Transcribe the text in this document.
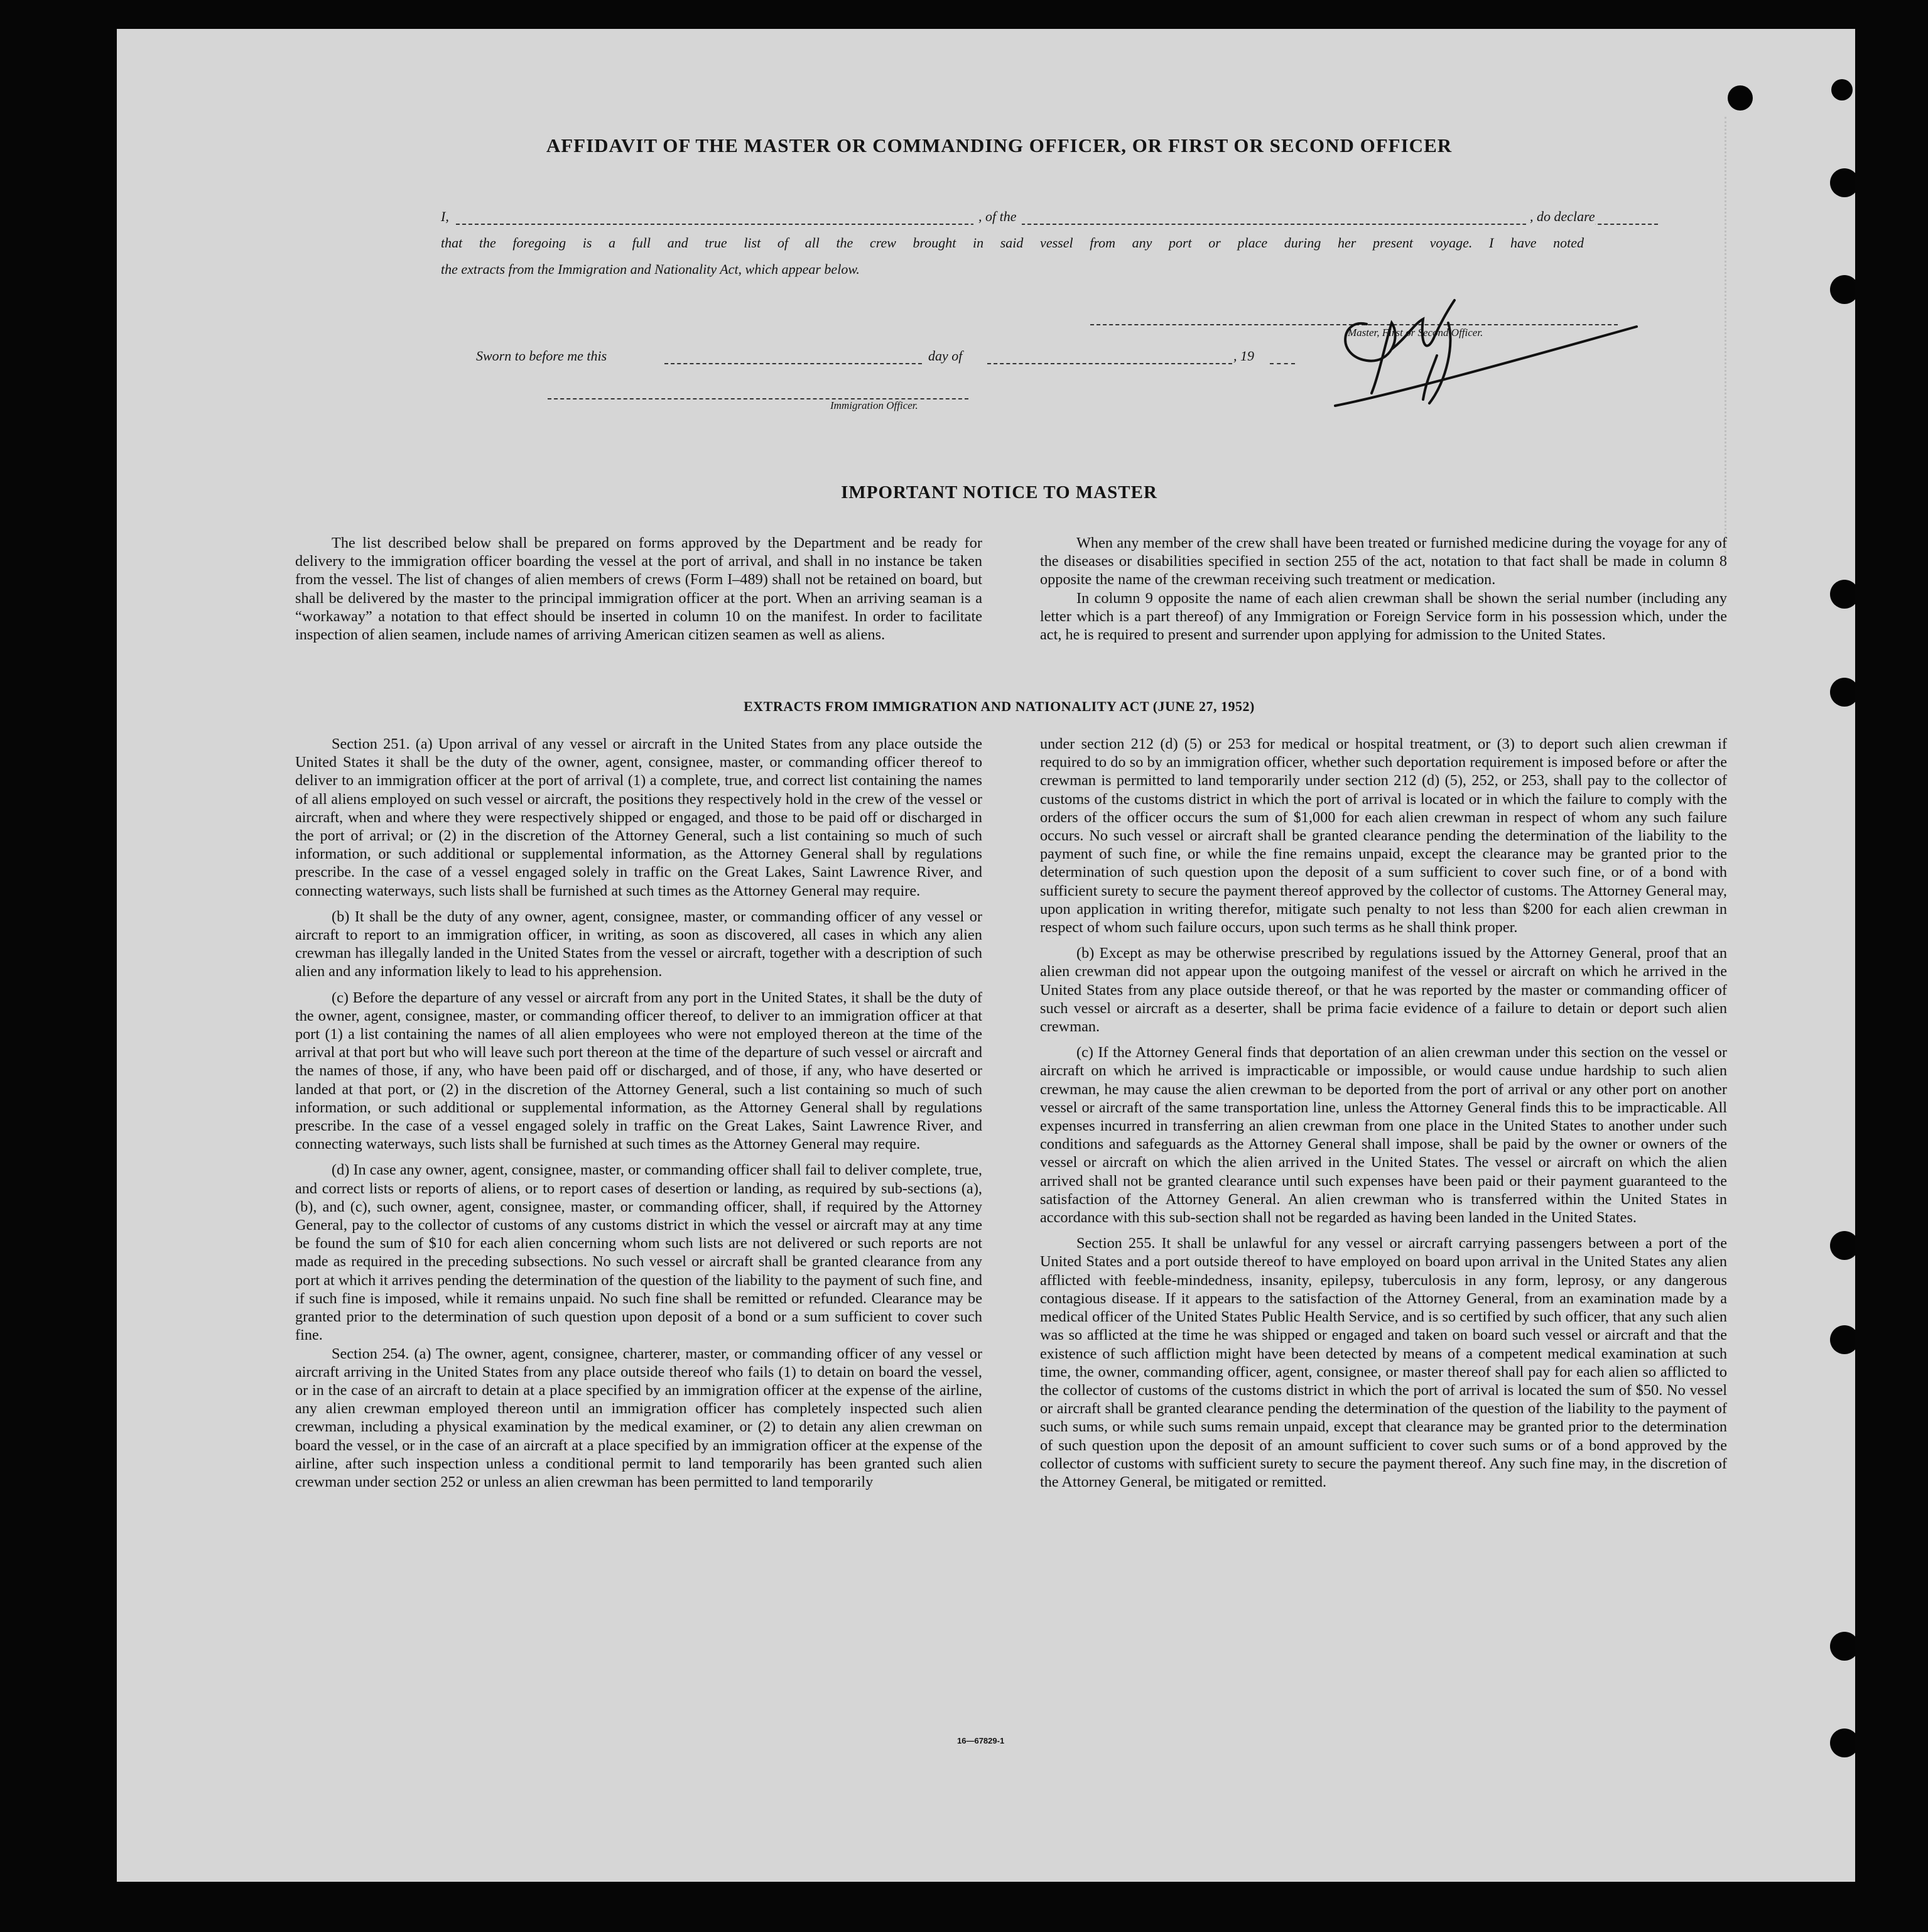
AFFIDAVIT OF THE MASTER OR COMMANDING OFFICER, OR FIRST OR SECOND OFFICER
I,	, of the	, do declare
that the foregoing is a full and true list of all the crew brought in said vessel from any port or place during her present voyage. I have noted
the extracts from the Immigration and Nationality Act, which appear below.
Master, First or Second Officer.
Sworn to before me this	day of	, 19
Immigration Officer.
IMPORTANT NOTICE TO MASTER

The list described below shall be prepared on forms approved by the Department and be ready for delivery to the immigration officer boarding the vessel at the port of arrival, and shall in no instance be taken from the vessel. The list of changes of alien members of crews (Form I–489) shall not be retained on board, but shall be delivered by the master to the principal immigration officer at the port. When an arriving seaman is a “workaway” a notation to that effect should be inserted in column 10 on the manifest. In order to facilitate inspection of alien seamen, include names of arriving American citizen seamen as well as aliens.

When any member of the crew shall have been treated or furnished medicine during the voyage for any of the diseases or disabilities specified in section 255 of the act, notation to that fact shall be made in column 8 opposite the name of the crewman receiving such treatment or medication.

In column 9 opposite the name of each alien crewman shall be shown the serial number (including any letter which is a part thereof) of any Immigration or Foreign Service form in his possession which, under the act, he is required to present and surrender upon applying for admission to the United States.

EXTRACTS FROM IMMIGRATION AND NATIONALITY ACT (JUNE 27, 1952)

Section 251. (a) Upon arrival of any vessel or aircraft in the United States from any place outside the United States it shall be the duty of the owner, agent, consignee, master, or commanding officer thereof to deliver to an immigration officer at the port of arrival (1) a complete, true, and correct list containing the names of all aliens employed on such vessel or aircraft, the positions they respectively hold in the crew of the vessel or aircraft, when and where they were respectively shipped or engaged, and those to be paid off or discharged in the port of arrival; or (2) in the discretion of the Attorney General, such a list containing so much of such information, or such additional or supplemental information, as the Attorney General shall by regulations prescribe. In the case of a vessel engaged solely in traffic on the Great Lakes, Saint Lawrence River, and connecting waterways, such lists shall be furnished at such times as the Attorney General may require.

(b) It shall be the duty of any owner, agent, consignee, master, or commanding officer of any vessel or aircraft to report to an immigration officer, in writing, as soon as discovered, all cases in which any alien crewman has illegally landed in the United States from the vessel or aircraft, together with a description of such alien and any information likely to lead to his apprehension.

(c) Before the departure of any vessel or aircraft from any port in the United States, it shall be the duty of the owner, agent, consignee, master, or commanding officer thereof, to deliver to an immigration officer at that port (1) a list containing the names of all alien employees who were not employed thereon at the time of the arrival at that port but who will leave such port thereon at the time of the departure of such vessel or aircraft and the names of those, if any, who have been paid off or discharged, and of those, if any, who have deserted or landed at that port, or (2) in the discretion of the Attorney General, such a list containing so much of such information, or such additional or supplemental information, as the Attorney General shall by regulations prescribe. In the case of a vessel engaged solely in traffic on the Great Lakes, Saint Lawrence River, and connecting waterways, such lists shall be furnished at such times as the Attorney General may require.

(d) In case any owner, agent, consignee, master, or commanding officer shall fail to deliver complete, true, and correct lists or reports of aliens, or to report cases of desertion or landing, as required by sub-sections (a), (b), and (c), such owner, agent, consignee, master, or commanding officer, shall, if required by the Attorney General, pay to the collector of customs of any customs district in which the vessel or aircraft may at any time be found the sum of $10 for each alien concerning whom such lists are not delivered or such reports are not made as required in the preceding subsections. No such vessel or aircraft shall be granted clearance from any port at which it arrives pending the determination of the question of the liability to the payment of such fine, and if such fine is imposed, while it remains unpaid. No such fine shall be remitted or refunded. Clearance may be granted prior to the determination of such question upon deposit of a bond or a sum sufficient to cover such fine.

Section 254. (a) The owner, agent, consignee, charterer, master, or commanding officer of any vessel or aircraft arriving in the United States from any place outside thereof who fails (1) to detain on board the vessel, or in the case of an aircraft to detain at a place specified by an immigration officer at the expense of the airline, any alien crewman employed thereon until an immigration officer has completely inspected such alien crewman, including a physical examination by the medical examiner, or (2) to detain any alien crewman on board the vessel, or in the case of an aircraft at a place specified by an immigration officer at the expense of the airline, after such inspection unless a conditional permit to land temporarily has been granted such alien crewman under section 252 or unless an alien crewman has been permitted to land temporarily

under section 212 (d) (5) or 253 for medical or hospital treatment, or (3) to deport such alien crewman if required to do so by an immigration officer, whether such deportation requirement is imposed before or after the crewman is permitted to land temporarily under section 212 (d) (5), 252, or 253, shall pay to the collector of customs of the customs district in which the port of arrival is located or in which the failure to comply with the orders of the officer occurs the sum of $1,000 for each alien crewman in respect of whom any such failure occurs. No such vessel or aircraft shall be granted clearance pending the determination of the liability to the payment of such fine, or while the fine remains unpaid, except the clearance may be granted prior to the determination of such question upon the deposit of a sum sufficient to cover such fine, or of a bond with sufficient surety to secure the payment thereof approved by the collector of customs. The Attorney General may, upon application in writing therefor, mitigate such penalty to not less than $200 for each alien crewman in respect of whom such failure occurs, upon such terms as he shall think proper.

(b) Except as may be otherwise prescribed by regulations issued by the Attorney General, proof that an alien crewman did not appear upon the outgoing manifest of the vessel or aircraft on which he arrived in the United States from any place outside thereof, or that he was reported by the master or commanding officer of such vessel or aircraft as a deserter, shall be prima facie evidence of a failure to detain or deport such alien crewman.

(c) If the Attorney General finds that deportation of an alien crewman under this section on the vessel or aircraft on which he arrived is impracticable or impossible, or would cause undue hardship to such alien crewman, he may cause the alien crewman to be deported from the port of arrival or any other port on another vessel or aircraft of the same transportation line, unless the Attorney General finds this to be impracticable. All expenses incurred in transferring an alien crewman from one place in the United States to another under such conditions and safeguards as the Attorney General shall impose, shall be paid by the owner or owners of the vessel or aircraft on which the alien arrived in the United States. The vessel or aircraft on which the alien arrived shall not be granted clearance until such expenses have been paid or their payment guaranteed to the satisfaction of the Attorney General. An alien crewman who is transferred within the United States in accordance with this sub-section shall not be regarded as having been landed in the United States.

Section 255. It shall be unlawful for any vessel or aircraft carrying passengers between a port of the United States and a port outside thereof to have employed on board upon arrival in the United States any alien afflicted with feeble-mindedness, insanity, epilepsy, tuberculosis in any form, leprosy, or any dangerous contagious disease. If it appears to the satisfaction of the Attorney General, from an examination made by a medical officer of the United States Public Health Service, and is so certified by such officer, that any such alien was so afflicted at the time he was shipped or engaged and taken on board such vessel or aircraft and that the existence of such affliction might have been detected by means of a competent medical examination at such time, the owner, commanding officer, agent, consignee, or master thereof shall pay for each alien so afflicted to the collector of customs of the customs district in which the port of arrival is located the sum of $50. No vessel or aircraft shall be granted clearance pending the determination of the question of the liability to the payment of such sums, or while such sums remain unpaid, except that clearance may be granted prior to the determination of such question upon the deposit of an amount sufficient to cover such sums or of a bond approved by the collector of customs with sufficient surety to secure the payment thereof. Any such fine may, in the discretion of the Attorney General, be mitigated or remitted.

16—67829-1
